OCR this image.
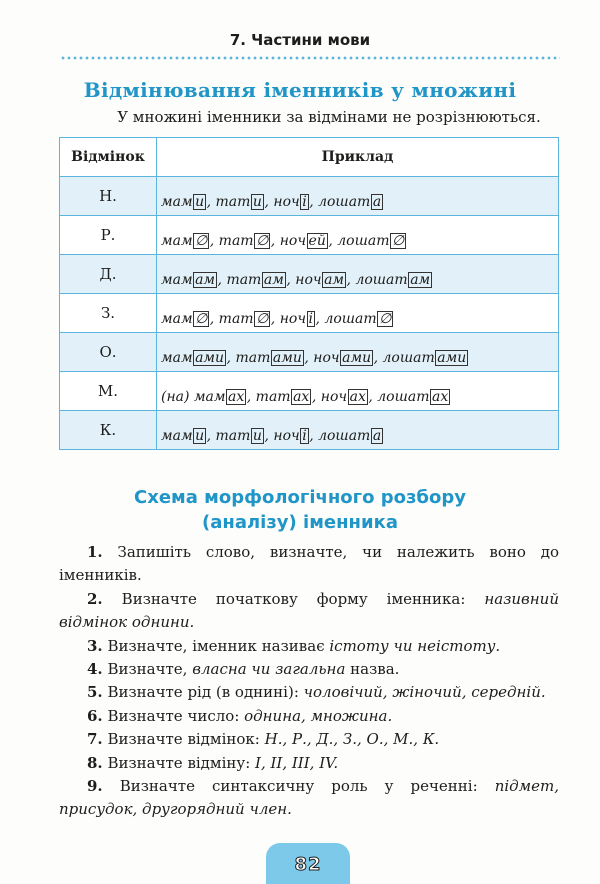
7. Частини мови
Відмінювання іменників у множині
У множині іменники за відмінами не розрізнюються.
Відмінок	Приклад
Н.	мам и , тат и , ноч і , лошат а
Р.	мам ∅ , тат ∅ , ноч ей , лошат ∅
Д.	мам ам , тат ам , ноч ам , лошат ам
З.	мам ∅ , тат ∅ , ноч і , лошат ∅
О.	мам ами , тат ами , ноч ами , лошат ами
М.	(на) мам ах , тат ах , ноч ах , лошат ах
К.	мам и , тат и , ноч і , лошат а
Схема морфологічного розбору
(аналізу) іменника

1. Запишіть слово, визначте, чи належить воно до іменників.

2. Визначте початкову форму іменника: називний відмінок однини.

3. Визначте, іменник називає істоту чи неістоту.

4. Визначте, власна чи загальна назва.

5. Визначте рід (в однині): чоловічий, жіночий, середній.

6. Визначте число: однина, множина.

7. Визначте відмінок: Н., Р., Д., З., О., М., К.

8. Визначте відміну: I, II, III, IV.

9. Визначте синтаксичну роль у реченні: підмет, присудок, другорядний член.

82
